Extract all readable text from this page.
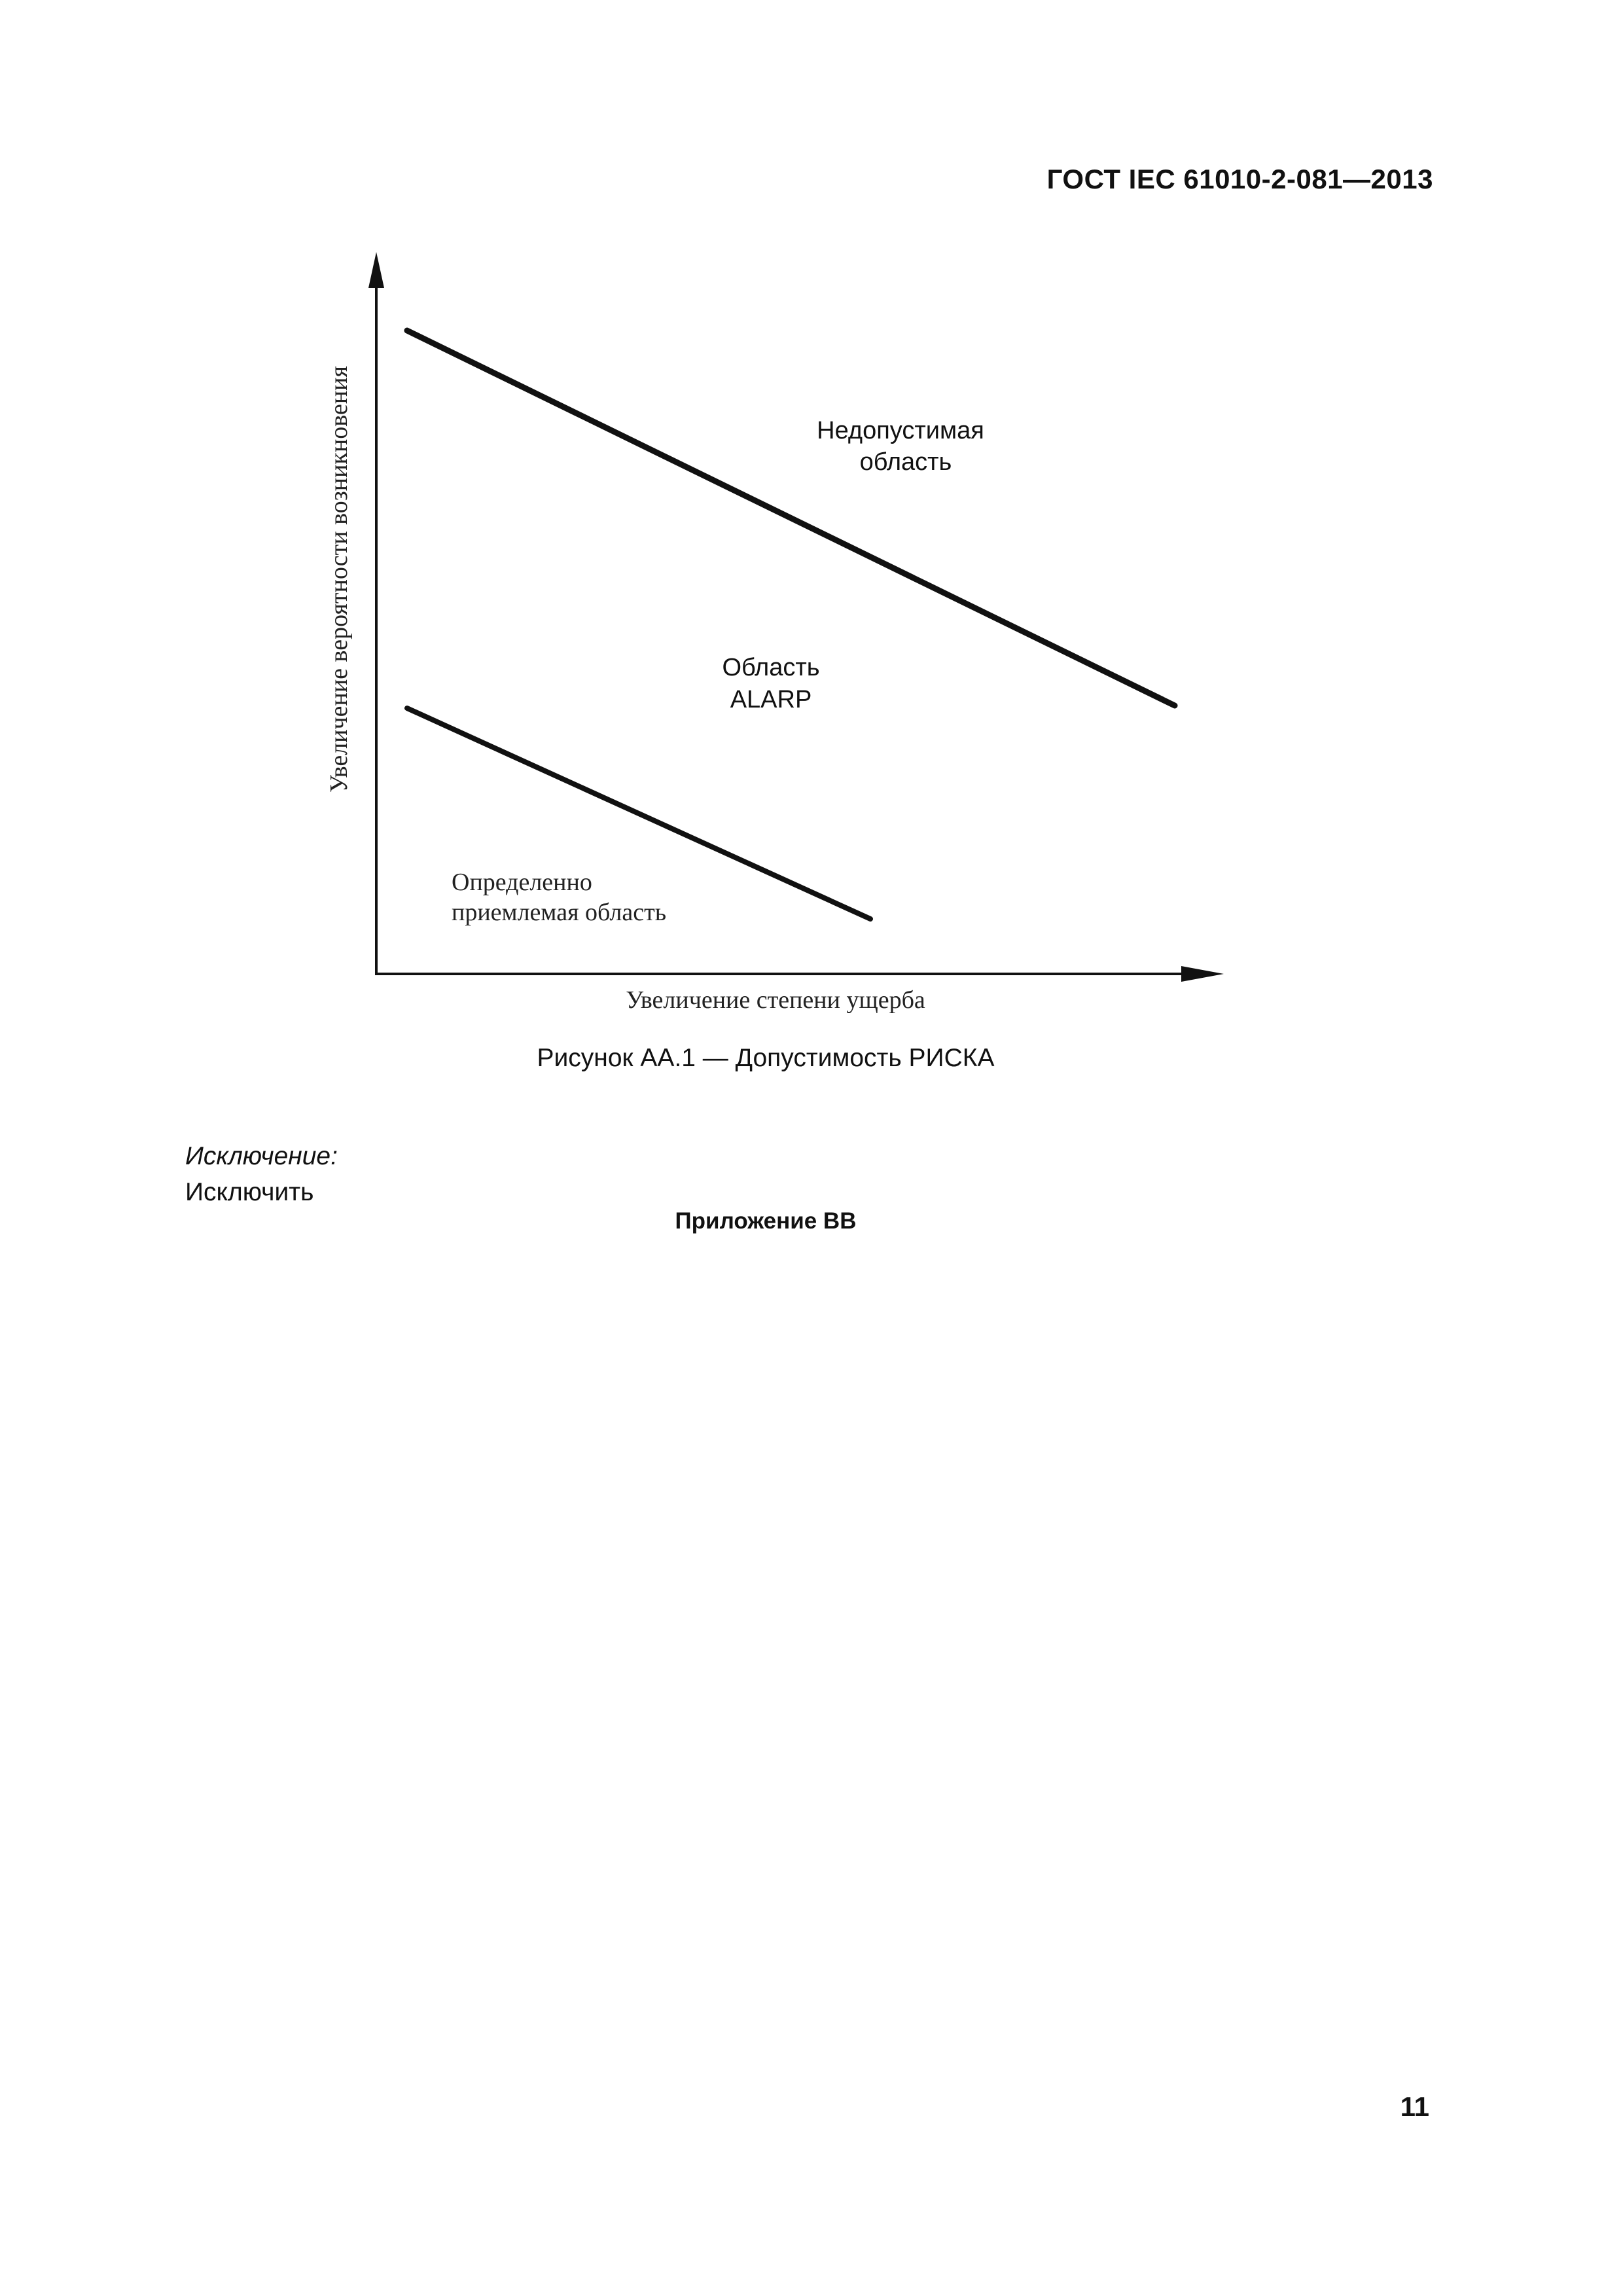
ГОСТ IEC 61010-2-081—2013
Увеличение вероятности возникновения
Увеличение степени ущерба
Недопустимая
область
Область
ALARP
Определенно
приемлемая область
Рисунок АА.1 — Допустимость РИСКА
Исключение:
Исключить
Приложение ВВ
11
